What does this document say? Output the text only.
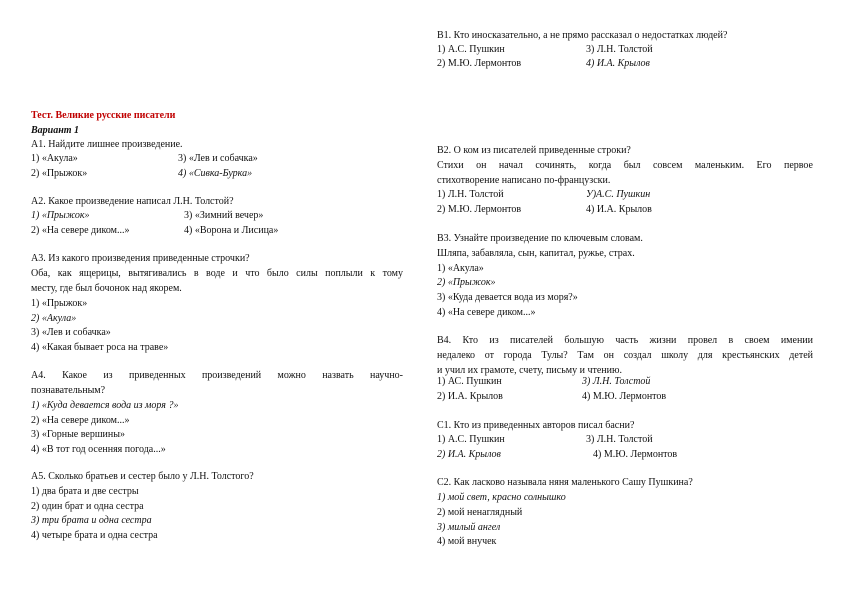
Тест. Великие русские писатели
Вариант 1
А1. Найдите лишнее произведение.
1) «Акула»	3) «Лев и собачка»
2) «Прыжок»	4) «Сивка-Бурка»
А2. Какое произведение написал Л.Н. Толстой?
1) «Прыжок»	3) «Зимний вечер»
2) «На севере диком...»	4) «Ворона и Лисица»
А3. Из какого произведения приведенные строчки?
Оба, как ящерицы, вытягивались в воде и что было силы поплыли к тому
месту, где был бочонок над якорем.
1) «Прыжок»
2) «Акула»
3) «Лев и собачка»
4) «Какая бывает роса на траве»
А4. Какое из приведенных произведений можно назвать научно-
познавательным?
1) «Куда девается вода из моря ?»
2) «На севере диком...»
3) «Горные вершины»
4) «В тот год осенняя погода...»
А5. Сколько братьев и сестер было у Л.Н. Толстого?
1) два брата и две сестры
2) один брат и одна сестра
3) три брата и одна сестра
4) четыре брата и одна сестра
В1. Кто иносказательно, а не прямо рассказал о недостатках людей?
1) А.С. Пушкин	3) Л.Н. Толстой
2) М.Ю. Лермонтов	4) И.А. Крылов
В2. О ком из писателей приведенные строки?
Стихи он начал сочинять, когда был совсем маленьким. Его первое
стихотворение написано по-французски.
1) Л.Н. Толстой	У)А.С. Пушкин
2) М.Ю. Лермонтов	4) И.А. Крылов
В3. Узнайте произведение по ключевым словам.
Шляпа, забавляла, сын, капитал, ружье, страх.
1) «Акула»
2) «Прыжок»
3) «Куда девается вода из моря?»
4) «На севере диком...»
В4. Кто из писателей большую часть жизни провел в своем имении
недалеко от города Тулы? Там он создал школу для крестьянских детей
и учил их грамоте, счету, письму и чтению.
1) АС. Пушкин	3) Л.Н. Толстой
2) И.А. Крылов	4) М.Ю. Лермонтов
С1. Кто из приведенных авторов писал басни?
1) А.С. Пушкин	3) Л.Н. Толстой
2) И.А. Крылов	4) М.Ю. Лермонтов
С2. Как ласково называла няня маленького Сашу Пушкина?
1) мой свет, красно солнышко
2) мой ненаглядный
3) милый ангел
4) мой внучек
